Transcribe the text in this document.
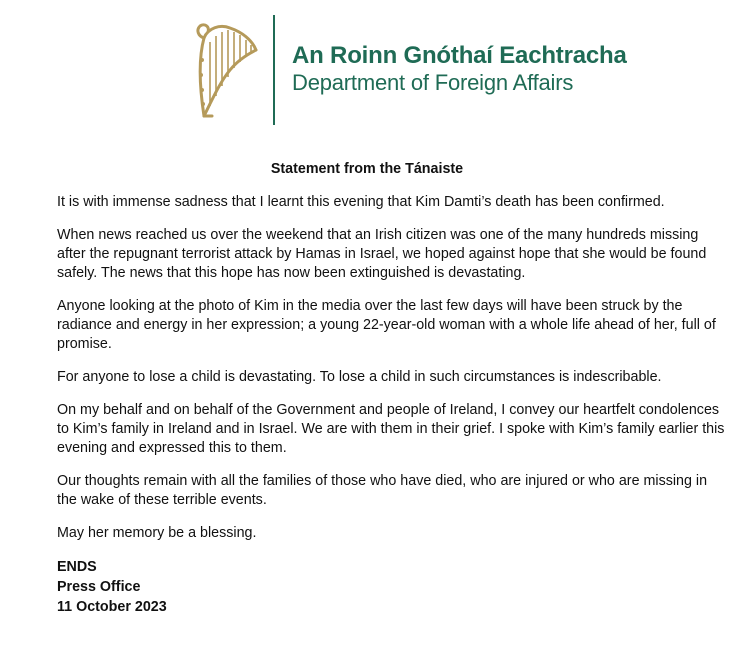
An Roinn Gnóthaí Eachtracha
Department of Foreign Affairs
Statement from the Tánaiste

It is with immense sadness that I learnt this evening that Kim Damti’s death has been confirmed.

When news reached us over the weekend that an Irish citizen was one of the many hundreds missing after the repugnant terrorist attack by Hamas in Israel, we hoped against hope that she would be found safely. The news that this hope has now been extinguished is devastating.

Anyone looking at the photo of Kim in the media over the last few days will have been struck by the radiance and energy in her expression; a young 22-year-old woman with a whole life ahead of her, full of promise.

For anyone to lose a child is devastating. To lose a child in such circumstances is indescribable.

On my behalf and on behalf of the Government and people of Ireland, I convey our heartfelt condolences to Kim’s family in Ireland and in Israel. We are with them in their grief. I spoke with Kim’s family earlier this evening and expressed this to them.

Our thoughts remain with all the families of those who have died, who are injured or who are missing in the wake of these terrible events.

May her memory be a blessing.

ENDS
Press Office
11 October 2023
